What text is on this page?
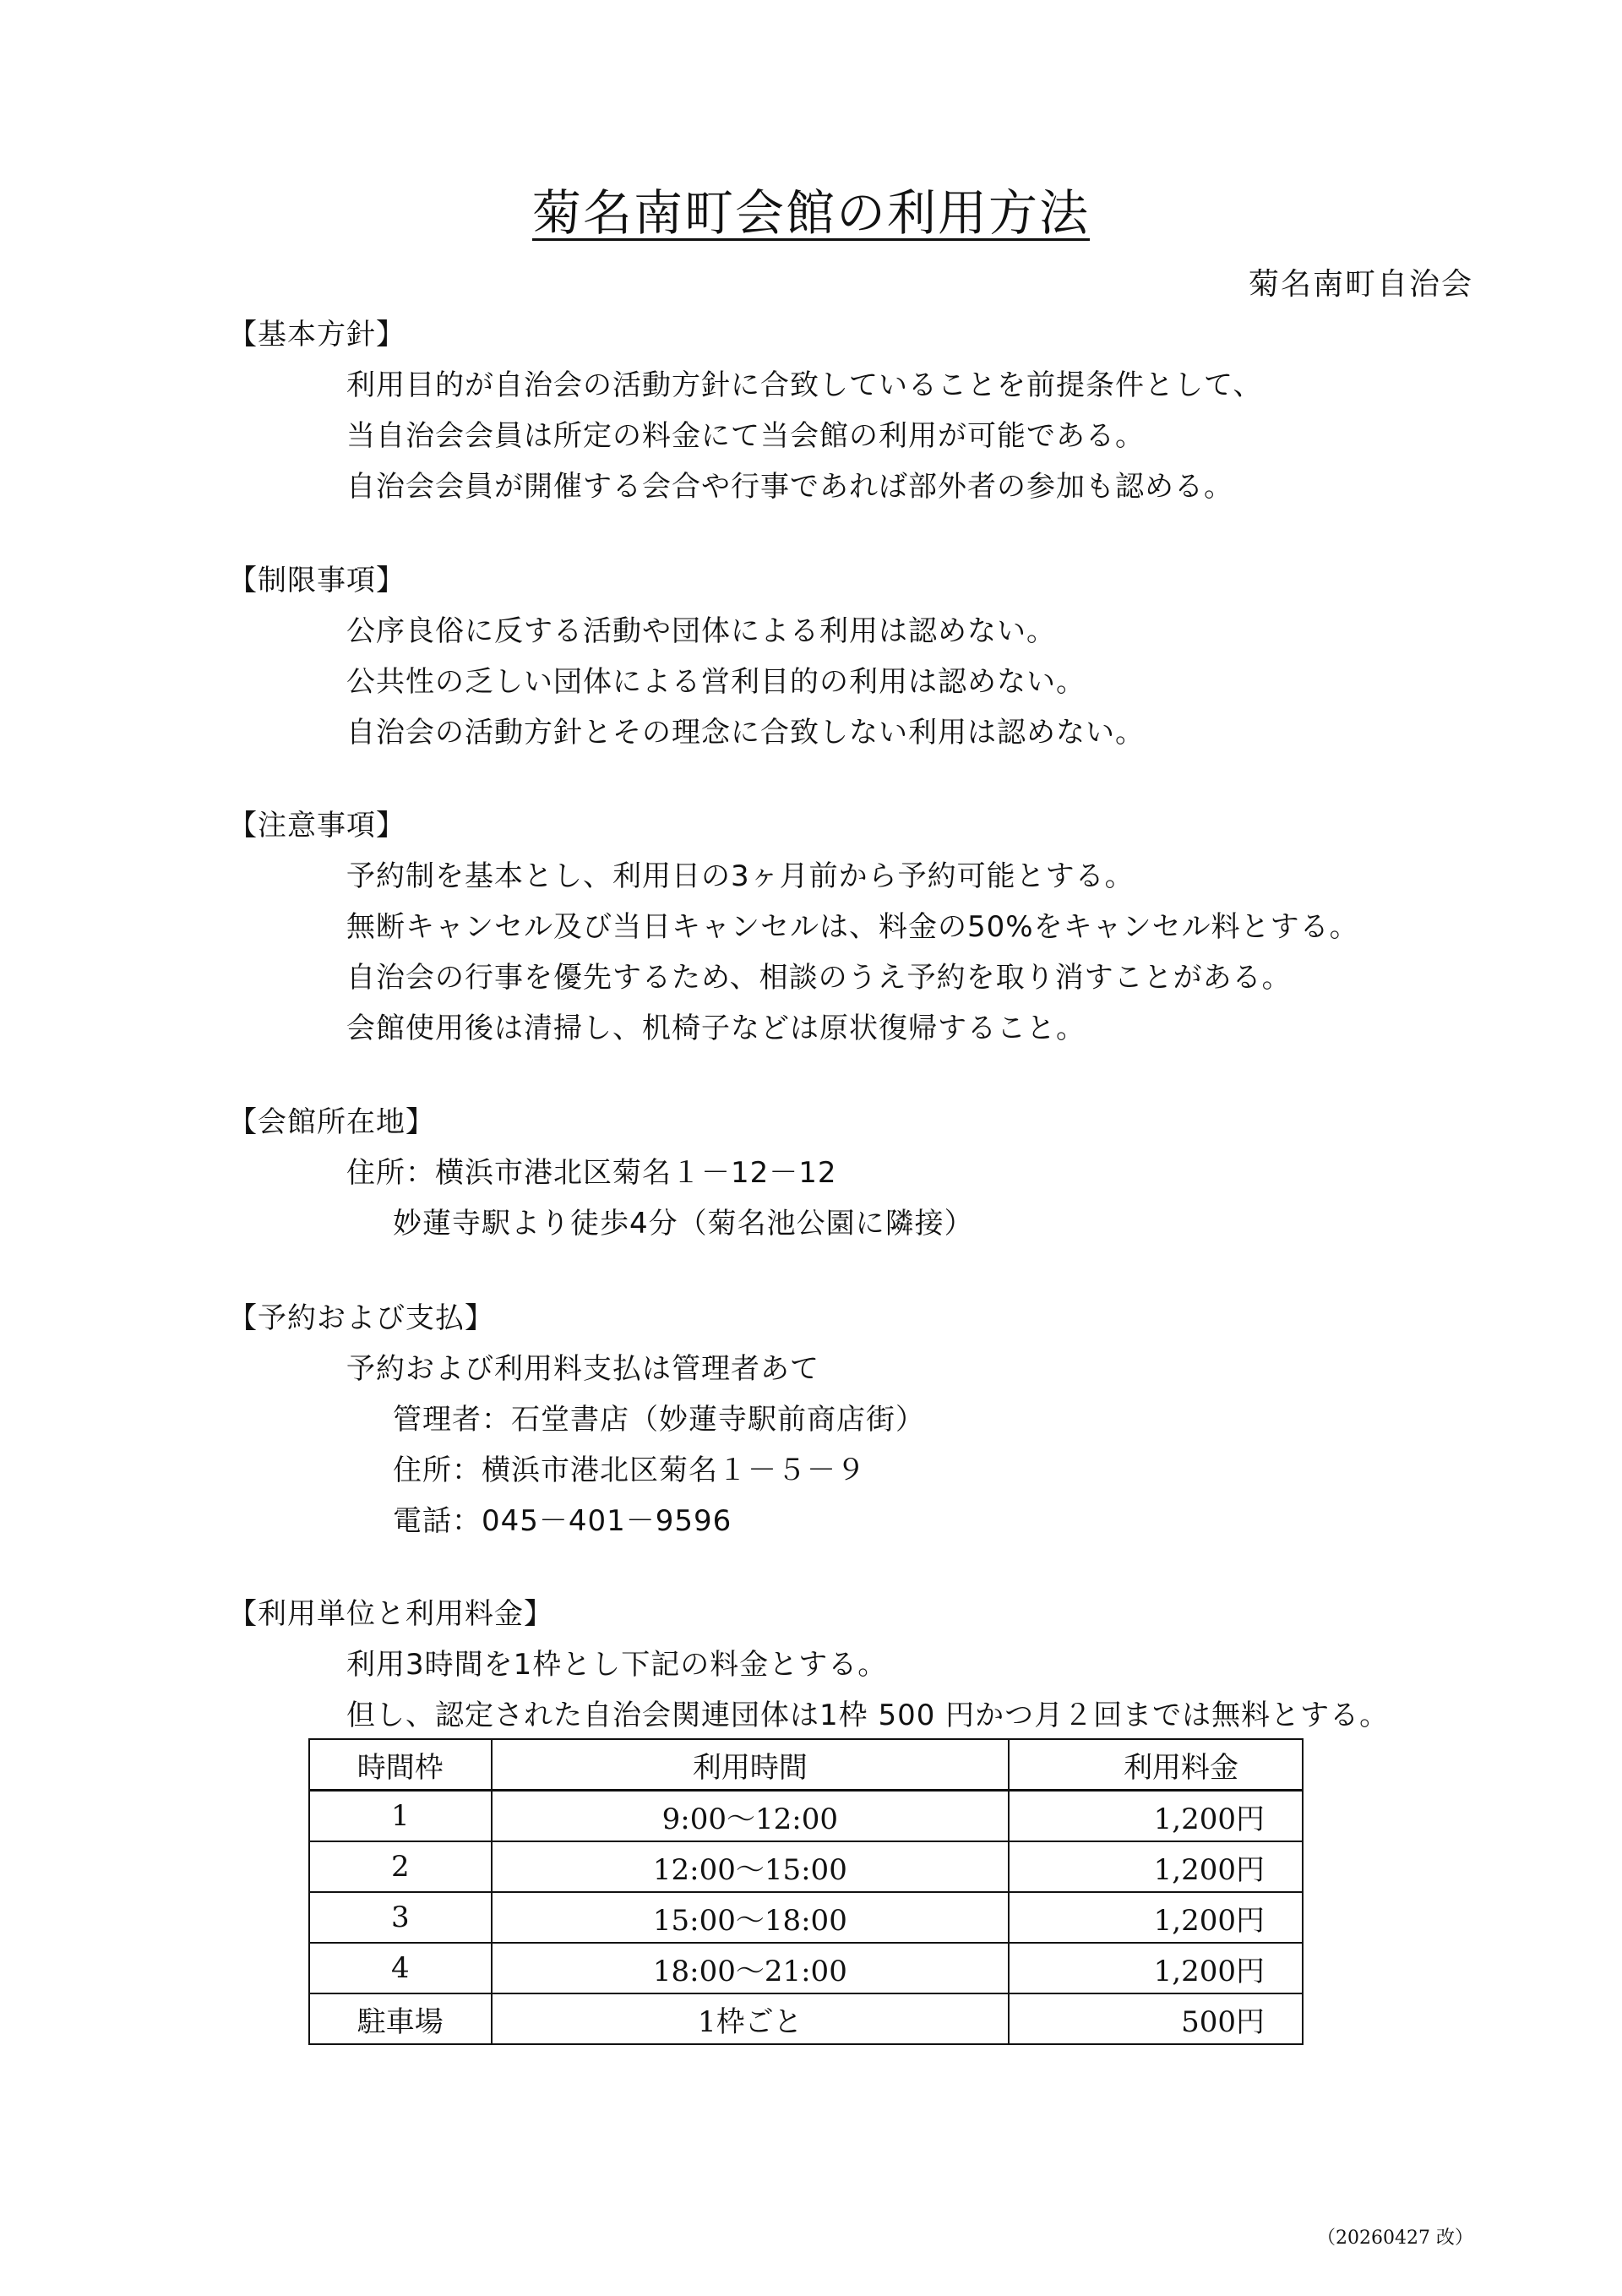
菊名南町会館の利用方法
菊名南町自治会
【基本方針】
利用目的が自治会の活動方針に合致していることを前提条件として、
当自治会会員は所定の料金にて当会館の利用が可能である。
自治会会員が開催する会合や行事であれば部外者の参加も認める。
【制限事項】
公序良俗に反する活動や団体による利用は認めない。
公共性の乏しい団体による営利目的の利用は認めない。
自治会の活動方針とその理念に合致しない利用は認めない。
【注意事項】
予約制を基本とし、利用日の3ヶ月前から予約可能とする。
無断キャンセル及び当日キャンセルは、料金の50%をキャンセル料とする。
自治会の行事を優先するため、相談のうえ予約を取り消すことがある。
会館使用後は清掃し、机椅子などは原状復帰すること。
【会館所在地】
住所：横浜市港北区菊名１－12－12
妙蓮寺駅より徒歩4分（菊名池公園に隣接）
【予約および支払】
予約および利用料支払は管理者あて
管理者：石堂書店（妙蓮寺駅前商店街）
住所：横浜市港北区菊名１－５－９
電話：045－401－9596
【利用単位と利用料金】
利用3時間を1枠とし下記の料金とする。
但し、認定された自治会関連団体は1枠 500 円かつ月２回までは無料とする。
時間枠	利用時間	利用料金
1	9:00～12:00	1,200円
2	12:00～15:00	1,200円
3	15:00～18:00	1,200円
4	18:00～21:00	1,200円
駐車場	1枠ごと	500円
（20260427 改）
